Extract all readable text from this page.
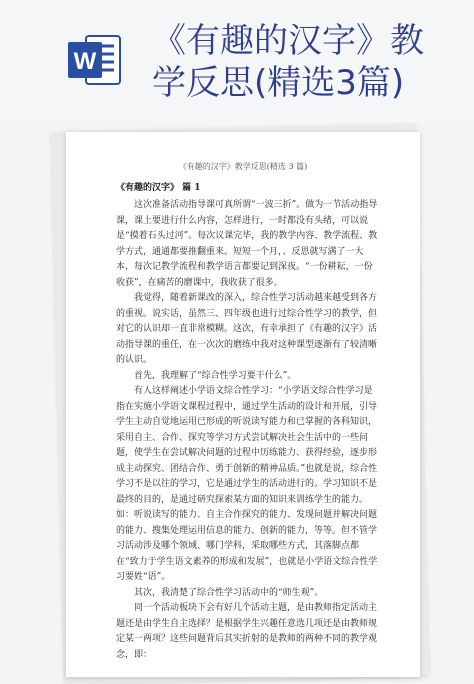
W
《有趣的汉字》教
学反思(精选3篇)
《有趣的汉字》教学反思(精选 3 篇)
《有趣的汉字》 篇 1

这次准备活动指导课可真所谓“一波三折”。做为一节活动指导课，课上要进行什么内容，怎样进行，一时都没有头绪，可以说是“摸着石头过河”。每次议课完毕，我的教学内容、教学流程、教学方式，通通都要推翻重来。短短一个月，、反思就写满了一大本，每次记教学流程和教学语言都要记到深夜。“一份耕耘，一份收获”，在痛苦的磨课中，我收获了很多。

我觉得，随着新课改的深入，综合性学习活动越来越受到各方的重视。说实话，虽然三、四年级也进行过综合性学习的教学，但对它的认识却一直非常模糊。这次，有幸承担了《有趣的汉字》活动指导课的重任，在一次次的磨练中我对这种课型逐渐有了较清晰的认识。

首先，我理解了“综合性学习要干什么”。

有人这样阐述小学语文综合性学习：“小学语文综合性学习是指在实施小学语文课程过程中，通过学生活动的设计和开展，引导学生主动自觉地运用已形成的听说读写能力和已掌握的各科知识，采用自主、合作、探究等学习方式尝试解决社会生活中的一些问题，使学生在尝试解决问题的过程中历练能力、获得经验，逐步形成主动探究、团结合作、勇于创新的精神品质。”也就是说，综合性学习不是以往的学习，它是通过学生的活动进行的。学习知识不是最终的目的，是通过研究探索某方面的知识来训练学生的能力。如：听说读写的能力、自主合作探究的能力、发现问题并解决问题的能力、搜集处理运用信息的能力、创新的能力，等等。但不管学习活动涉及哪个领域、哪门学科，采取哪些方式，其落脚点都在“致力于学生语文素养的形成和发展”，也就是小学语文综合性学习要姓“语”。

其次，我清楚了综合性学习活动中的“师生观”。

同一个活动板块下会有好几个活动主题，是由教师指定活动主题还是由学生自主选择？是根据学生兴趣任意选几项还是由教师规定某一两项？这些问题背后其实折射的是教师的两种不同的教学观念，即：
